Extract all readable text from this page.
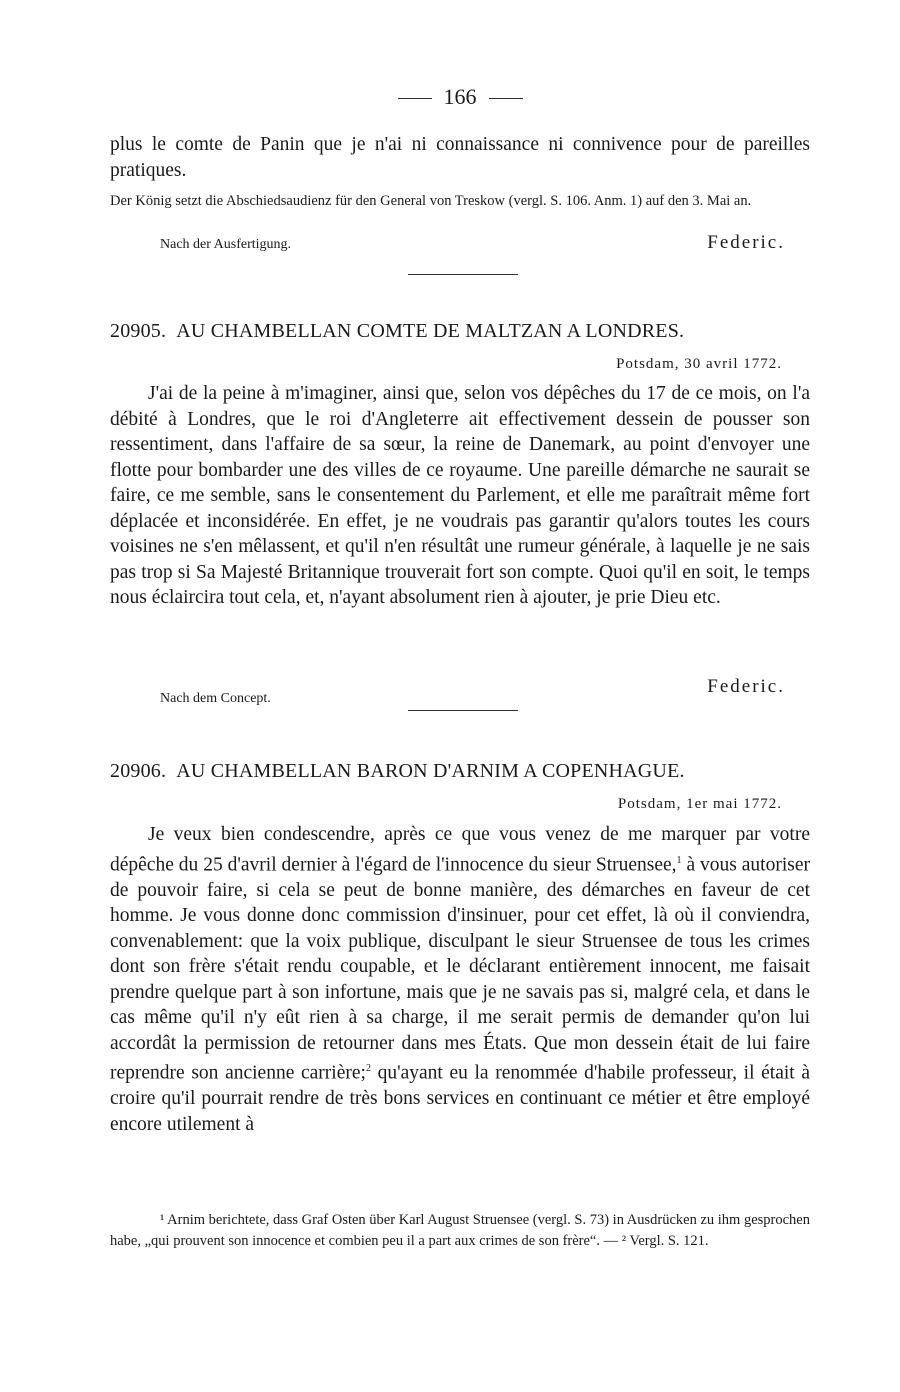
166
plus le comte de Panin que je n'ai ni connaissance ni connivence pour de pareilles pratiques.
Der König setzt die Abschiedsaudienz für den General von Treskow (vergl. S. 106. Anm. 1) auf den 3. Mai an.
Nach der Ausfertigung.	Federic.
20905. AU CHAMBELLAN COMTE DE MALTZAN A LONDRES.
Potsdam, 30 avril 1772.
J'ai de la peine à m'imaginer, ainsi que, selon vos dépêches du 17 de ce mois, on l'a débité à Londres, que le roi d'Angleterre ait effectivement dessein de pousser son ressentiment, dans l'affaire de sa sœur, la reine de Danemark, au point d'envoyer une flotte pour bombarder une des villes de ce royaume. Une pareille démarche ne saurait se faire, ce me semble, sans le consentement du Parlement, et elle me paraîtrait même fort déplacée et inconsidérée. En effet, je ne voudrais pas garantir qu'alors toutes les cours voisines ne s'en mêlassent, et qu'il n'en résultât une rumeur générale, à laquelle je ne sais pas trop si Sa Majesté Britannique trouverait fort son compte. Quoi qu'il en soit, le temps nous éclaircira tout cela, et, n'ayant absolument rien à ajouter, je prie Dieu etc.
Nach dem Concept.
Federic.
20906. AU CHAMBELLAN BARON D'ARNIM A COPENHAGUE.
Potsdam, 1er mai 1772.
Je veux bien condescendre, après ce que vous venez de me marquer par votre dépêche du 25 d'avril dernier à l'égard de l'innocence du sieur Struensee,$^1$ à vous autoriser de pouvoir faire, si cela se peut de bonne manière, des démarches en faveur de cet homme. Je vous donne donc commission d'insinuer, pour cet effet, là où il conviendra, convenablement: que la voix publique, disculpant le sieur Struensee de tous les crimes dont son frère s'était rendu coupable, et le déclarant entièrement innocent, me faisait prendre quelque part à son infortune, mais que je ne savais pas si, malgré cela, et dans le cas même qu'il n'y eût rien à sa charge, il me serait permis de demander qu'on lui accordât la permission de retourner dans mes États. Que mon dessein était de lui faire reprendre son ancienne carrière;$^2$ qu'ayant eu la renommée d'habile professeur, il était à croire qu'il pourrait rendre de très bons services en continuant ce métier et être employé encore utilement à
¹ Arnim berichtete, dass Graf Osten über Karl August Struensee (vergl. S. 73) in Ausdrücken zu ihm gesprochen habe, „qui prouvent son innocence et combien peu il a part aux crimes de son frère“. — ² Vergl. S. 121.
